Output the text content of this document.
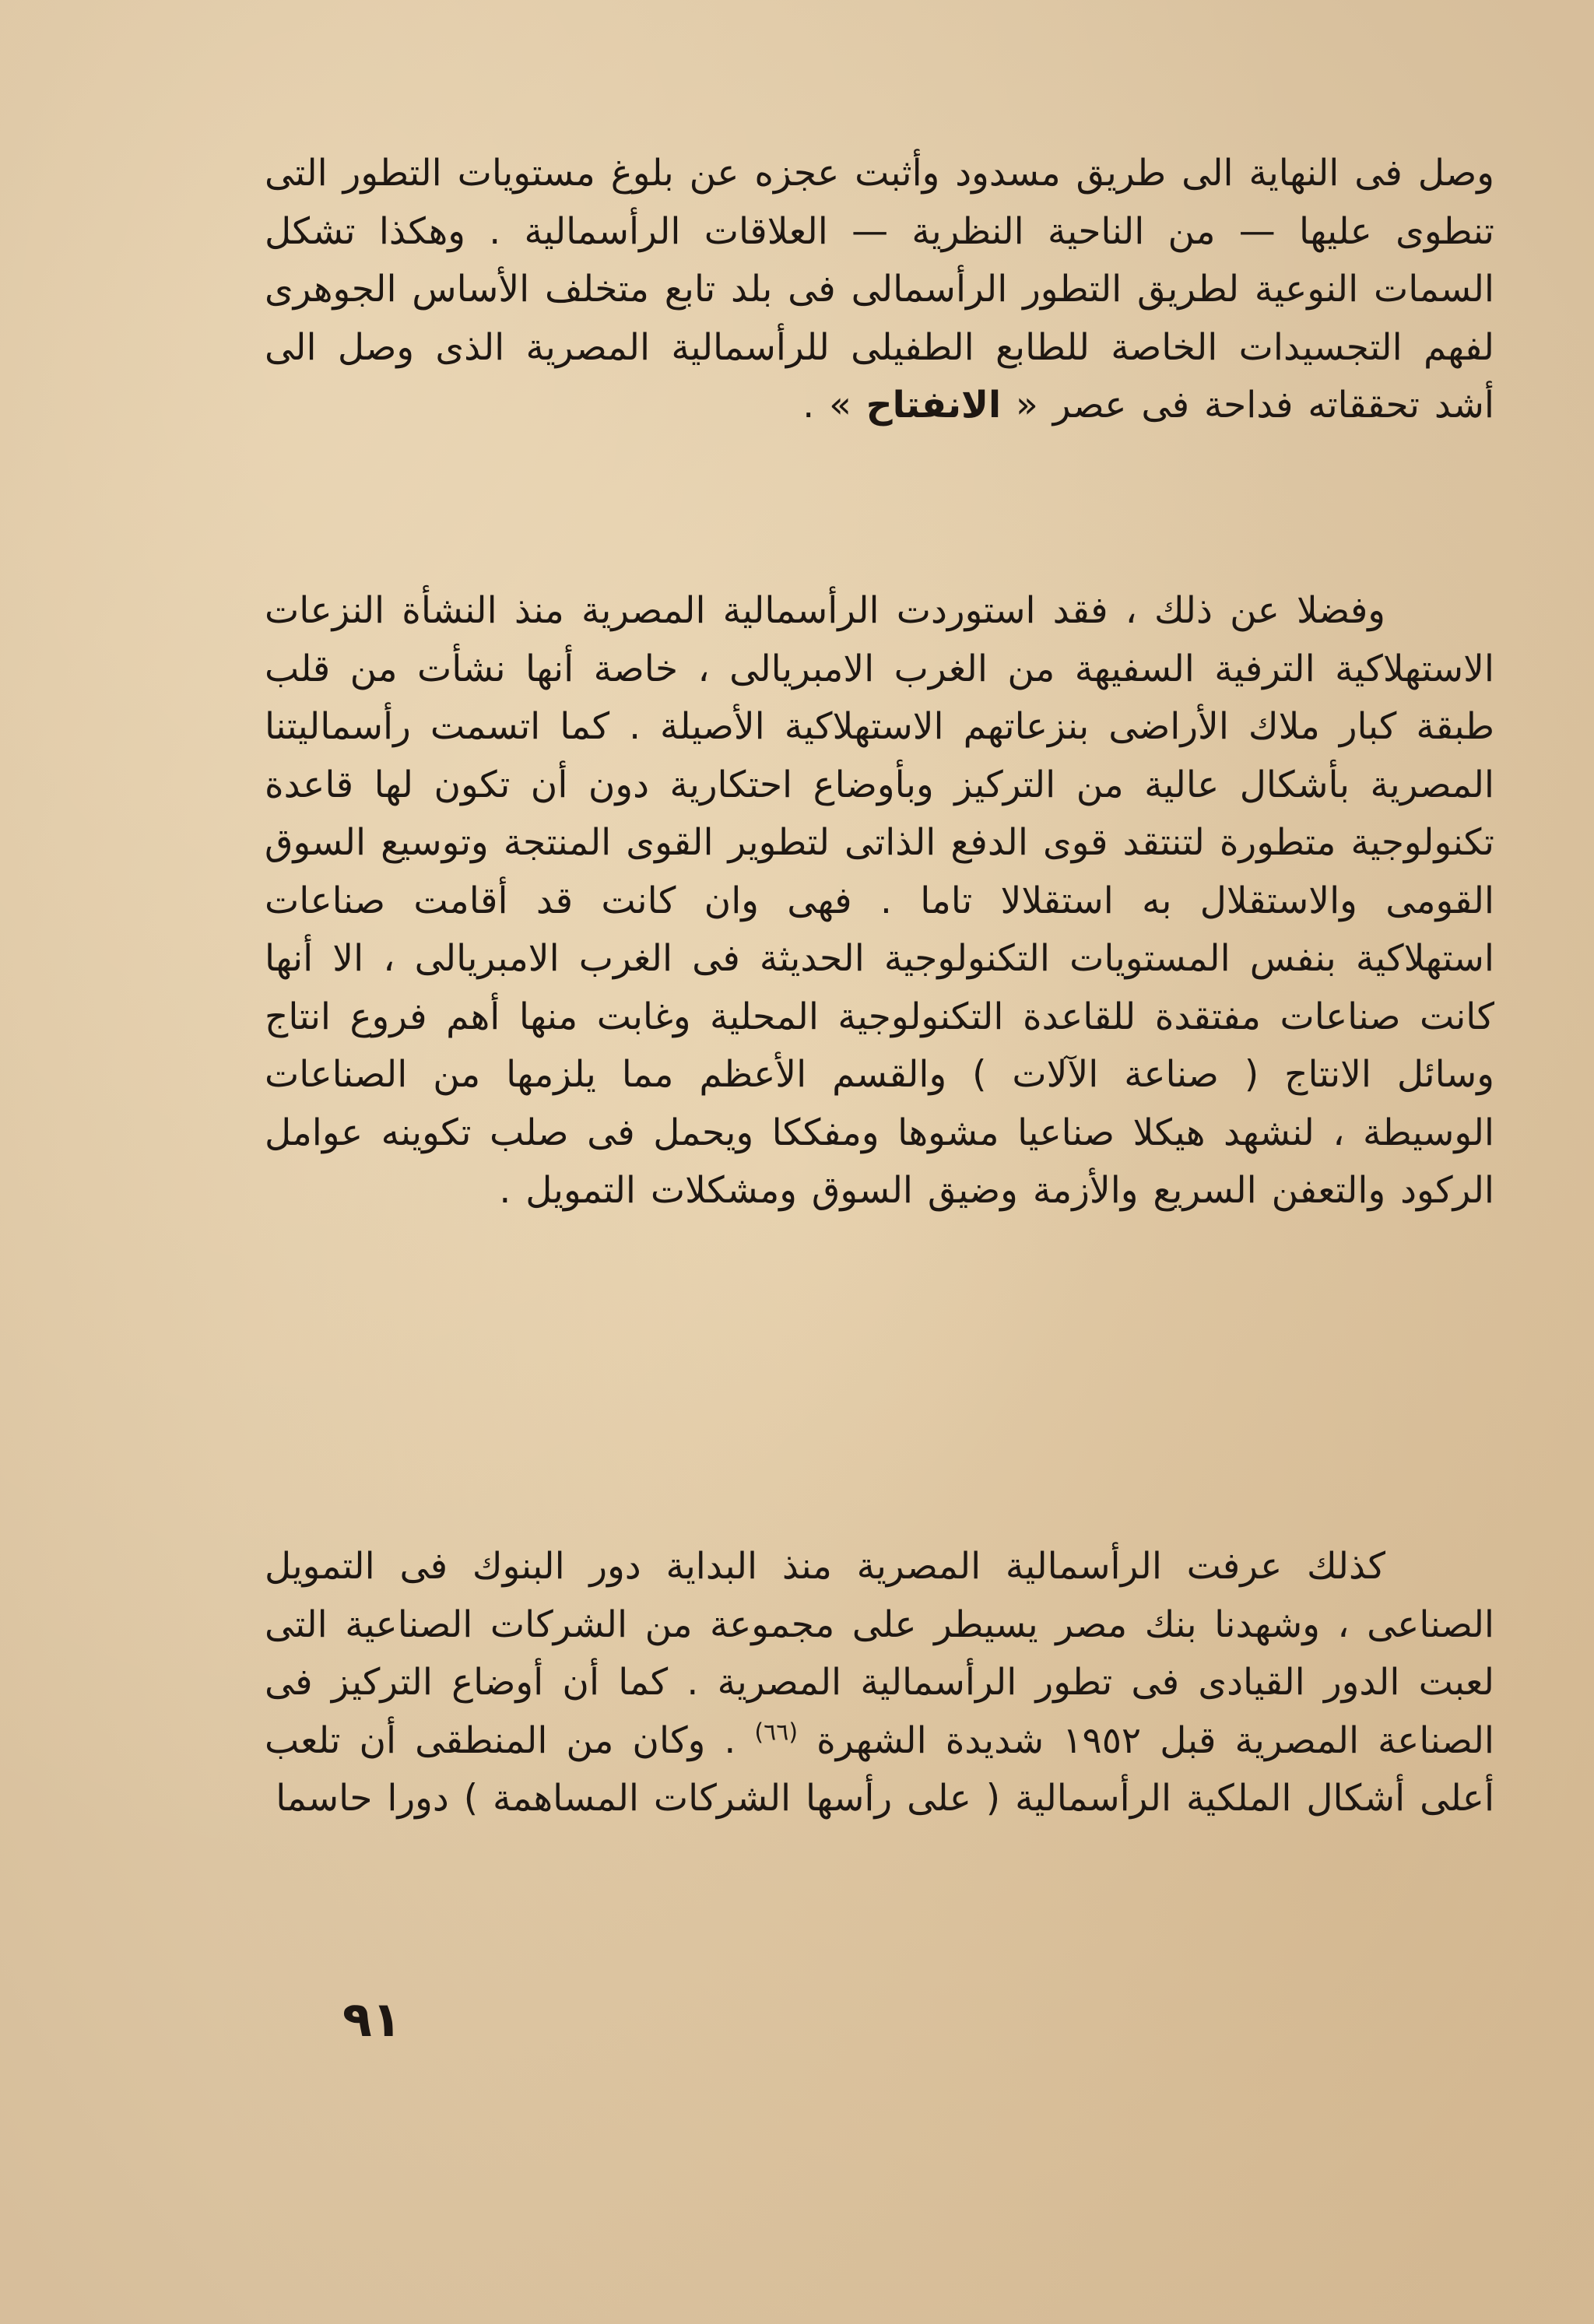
وصل فى النهاية الى طريق مسدود وأثبت عجزه عن بلوغ مستويات التطور التى تنطوى عليها — من الناحية النظرية — العلاقات الرأسمالية . وهكذا تشكل السمات النوعية لطريق التطور الرأسمالى فى بلد تابع متخلف الأساس الجوهرى لفهم التجسيدات الخاصة للطابع الطفيلى للرأسمالية المصرية الذى وصل الى أشد تحققاته فداحة فى عصر « الانفتاح » .
وفضلا عن ذلك ، فقد استوردت الرأسمالية المصرية منذ النشأة النزعات الاستهلاكية الترفية السفيهة من الغرب الامبريالى ، خاصة أنها نشأت من قلب طبقة كبار ملاك الأراضى بنزعاتهم الاستهلاكية الأصيلة . كما اتسمت رأسماليتنا المصرية بأشكال عالية من التركيز وبأوضاع احتكارية دون أن تكون لها قاعدة تكنولوجية متطورة لتنتقد قوى الدفع الذاتى لتطوير القوى المنتجة وتوسيع السوق القومى والاستقلال به استقلالا تاما . فهى وان كانت قد أقامت صناعات استهلاكية بنفس المستويات التكنولوجية الحديثة فى الغرب الامبريالى ، الا أنها كانت صناعات مفتقدة للقاعدة التكنولوجية المحلية وغابت منها أهم فروع انتاج وسائل الانتاج ( صناعة الآلات ) والقسم الأعظم مما يلزمها من الصناعات الوسيطة ، لنشهد هيكلا صناعيا مشوها ومفككا ويحمل فى صلب تكوينه عوامل الركود والتعفن السريع والأزمة وضيق السوق ومشكلات التمويل .
كذلك عرفت الرأسمالية المصرية منذ البداية دور البنوك فى التمويل الصناعى ، وشهدنا بنك مصر يسيطر على مجموعة من الشركات الصناعية التى لعبت الدور القيادى فى تطور الرأسمالية المصرية . كما أن أوضاع التركيز فى الصناعة المصرية قبل ١٩٥٢ شديدة الشهرة $^{(٦٦)}$ . وكان من المنطقى أن تلعب أعلى أشكال الملكية الرأسمالية ( على رأسها الشركات المساهمة ) دورا حاسما
٩١
